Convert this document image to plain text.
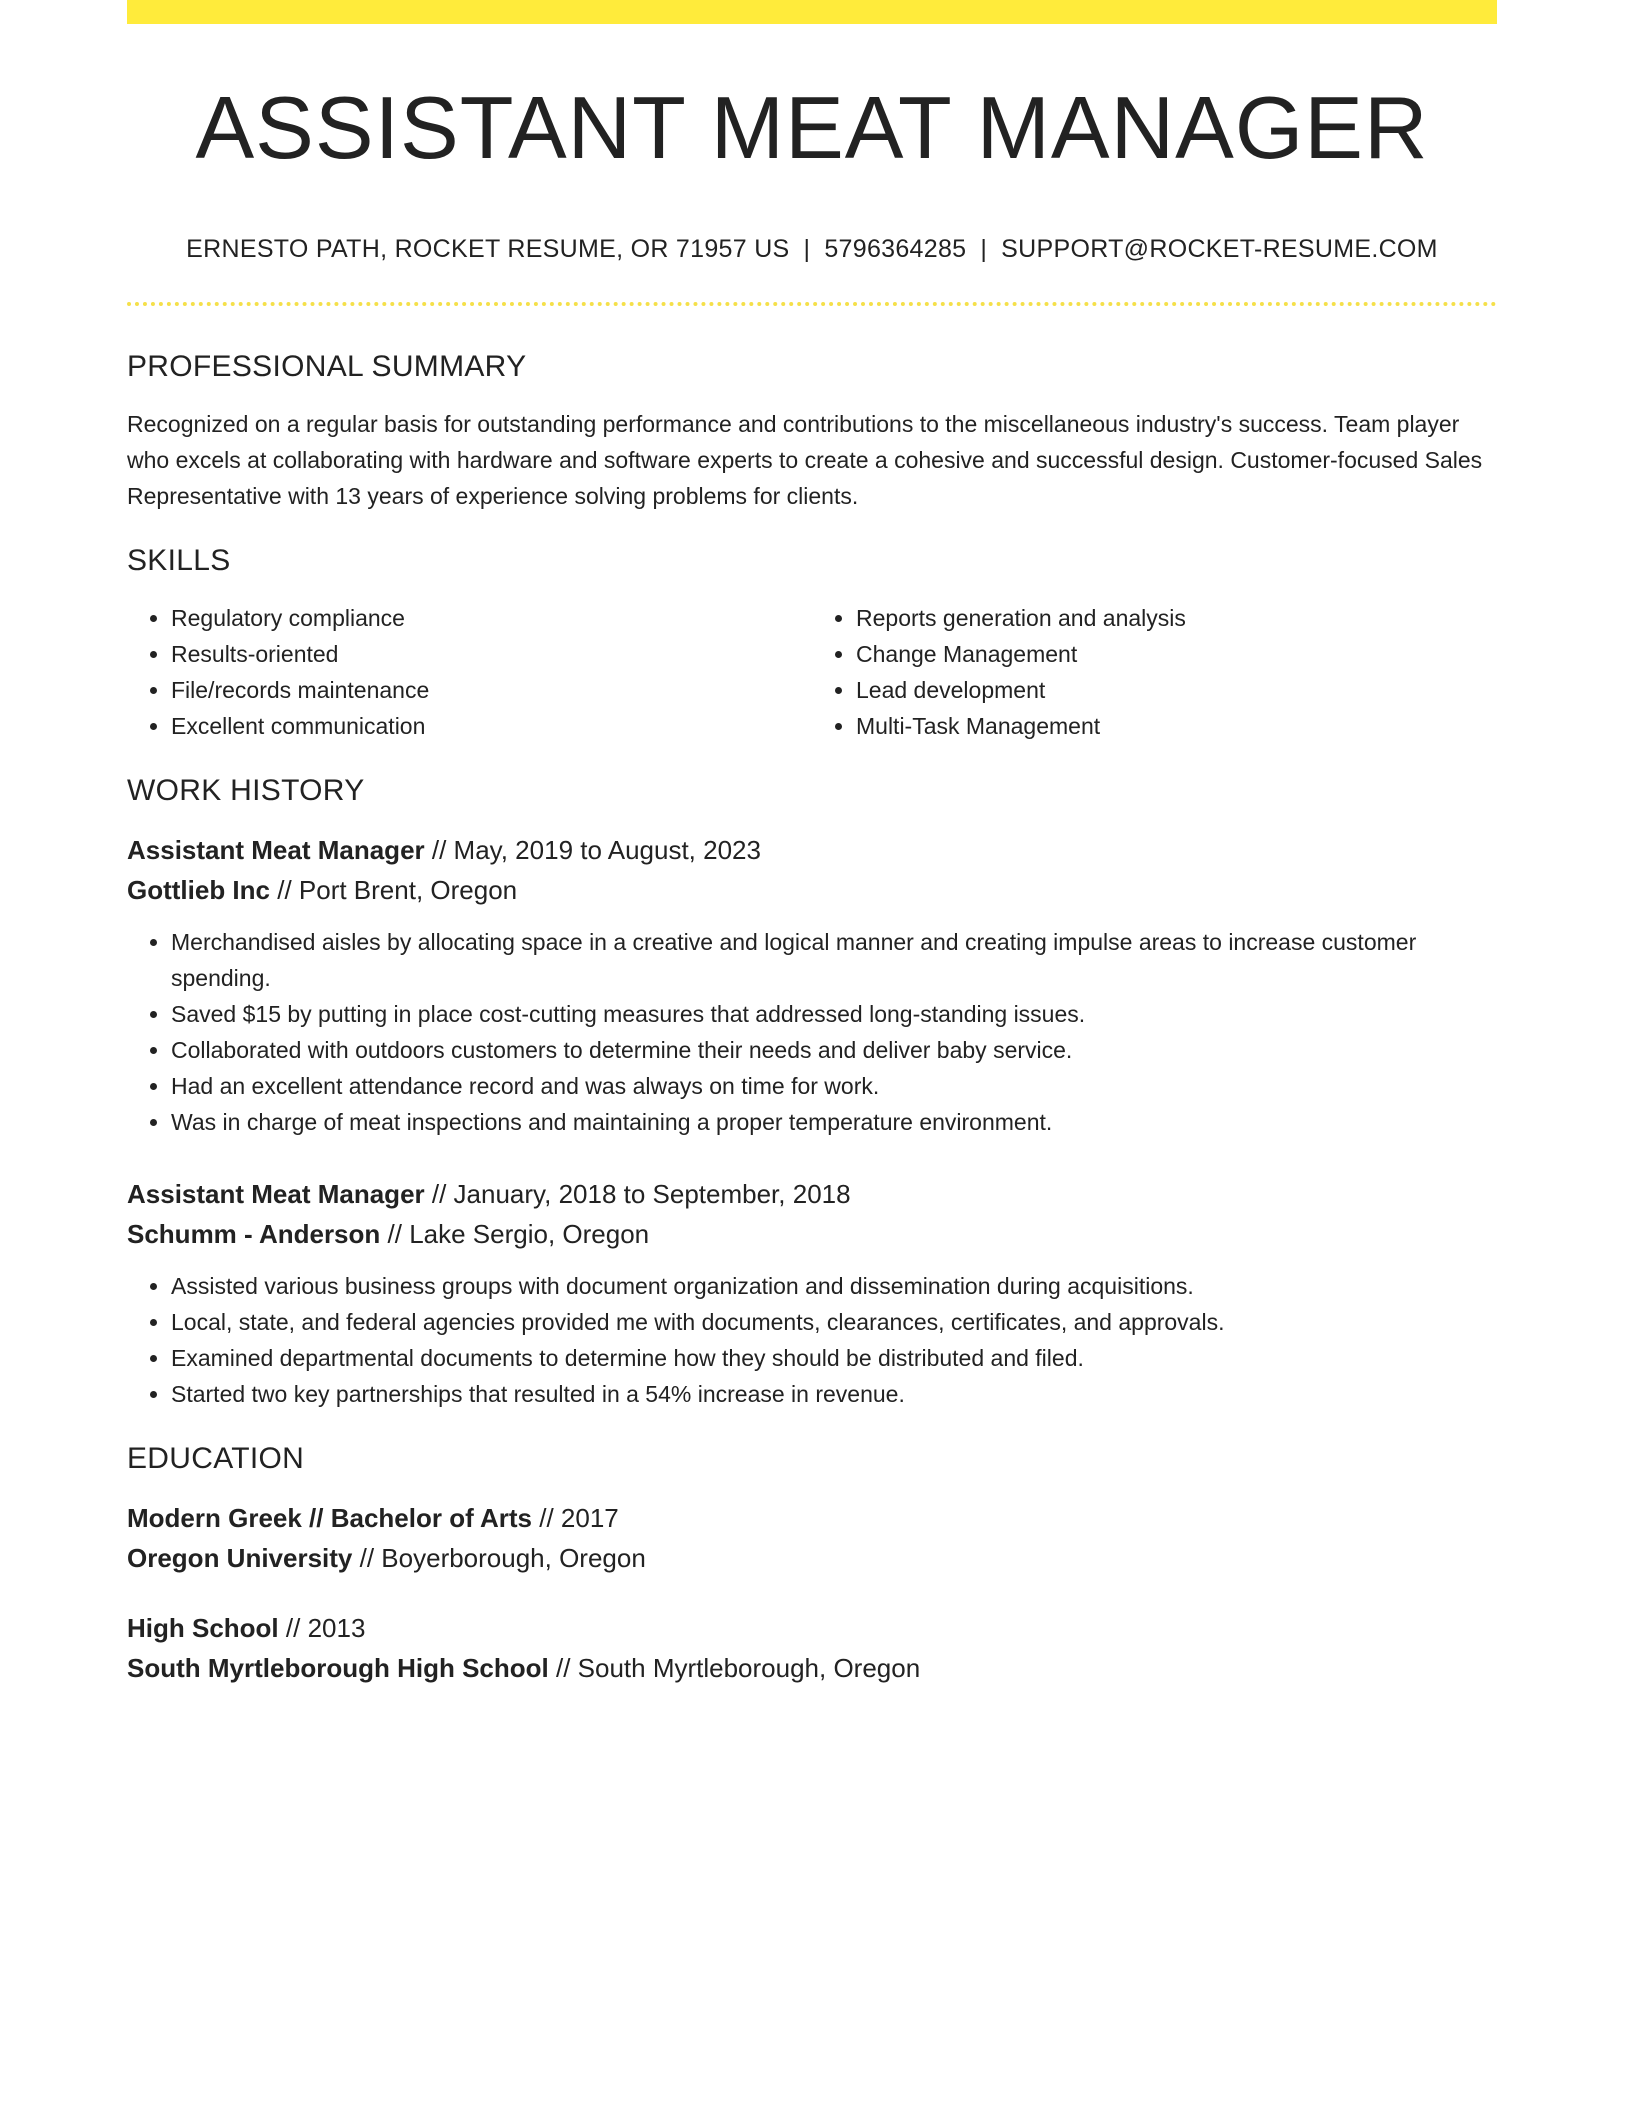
ASSISTANT MEAT MANAGER
ERNESTO PATH, ROCKET RESUME, OR 71957 US | 5796364285 | SUPPORT@ROCKET-RESUME.COM
PROFESSIONAL SUMMARY
Recognized on a regular basis for outstanding performance and contributions to the miscellaneous industry's success. Team player who excels at collaborating with hardware and software experts to create a cohesive and successful design. Customer-focused Sales Representative with 13 years of experience solving problems for clients.
SKILLS
• Regulatory compliance
• Results-oriented
• File/records maintenance
• Excellent communication
• Reports generation and analysis
• Change Management
• Lead development
• Multi-Task Management
WORK HISTORY
Assistant Meat Manager // May, 2019 to August, 2023
Gottlieb Inc // Port Brent, Oregon
• Merchandised aisles by allocating space in a creative and logical manner and creating impulse areas to increase customer spending.
• Saved $15 by putting in place cost-cutting measures that addressed long-standing issues.
• Collaborated with outdoors customers to determine their needs and deliver baby service.
• Had an excellent attendance record and was always on time for work.
• Was in charge of meat inspections and maintaining a proper temperature environment.
Assistant Meat Manager // January, 2018 to September, 2018
Schumm - Anderson // Lake Sergio, Oregon
• Assisted various business groups with document organization and dissemination during acquisitions.
• Local, state, and federal agencies provided me with documents, clearances, certificates, and approvals.
• Examined departmental documents to determine how they should be distributed and filed.
• Started two key partnerships that resulted in a 54% increase in revenue.
EDUCATION
Modern Greek // Bachelor of Arts // 2017
Oregon University // Boyerborough, Oregon
High School // 2013
South Myrtleborough High School // South Myrtleborough, Oregon
